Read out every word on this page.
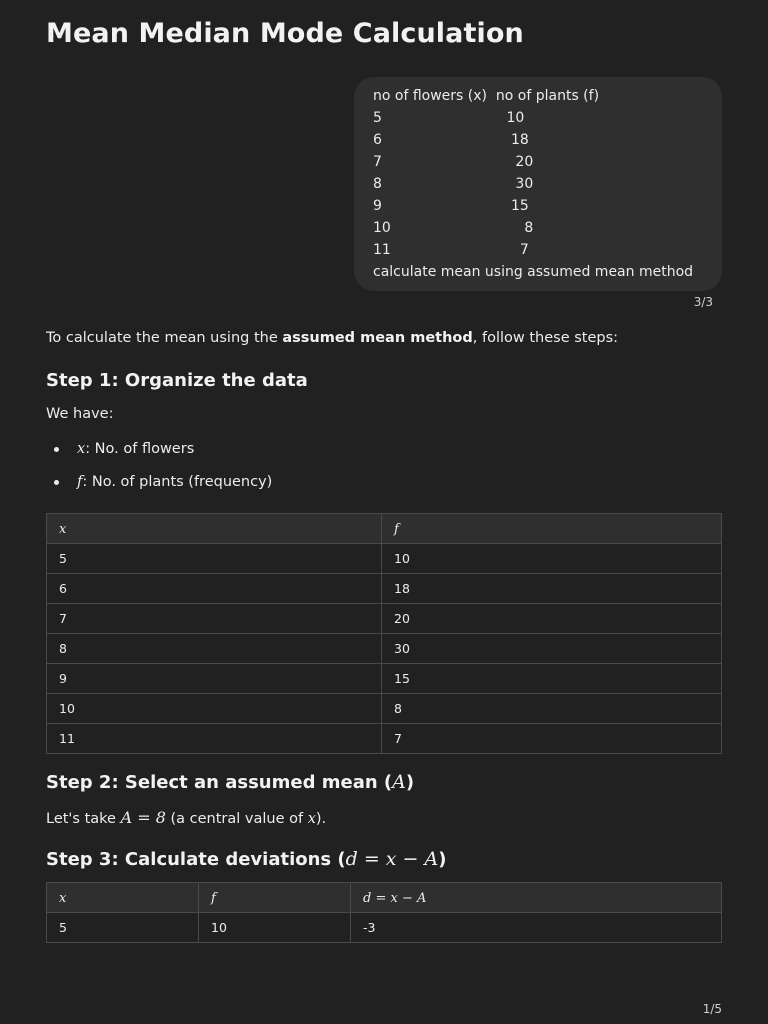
Mean Median Mode Calculation
no of flowers (x)  no of plants (f)
5                            10
6                             18
7                              20
8                              30
9                             15
10                              8
11                             7
calculate mean using assumed mean method
3/3
To calculate the mean using the assumed mean method, follow these steps:
Step 1: Organize the data
We have:
x: No. of flowers
f: No. of plants (frequency)
x	f
5	10
6	18
7	20
8	30
9	15
10	8
11	7
Step 2: Select an assumed mean (A)
Let's take A = 8 (a central value of x).
Step 3: Calculate deviations (d = x − A)
x	f	d = x − A
5	10	-3
1/5
